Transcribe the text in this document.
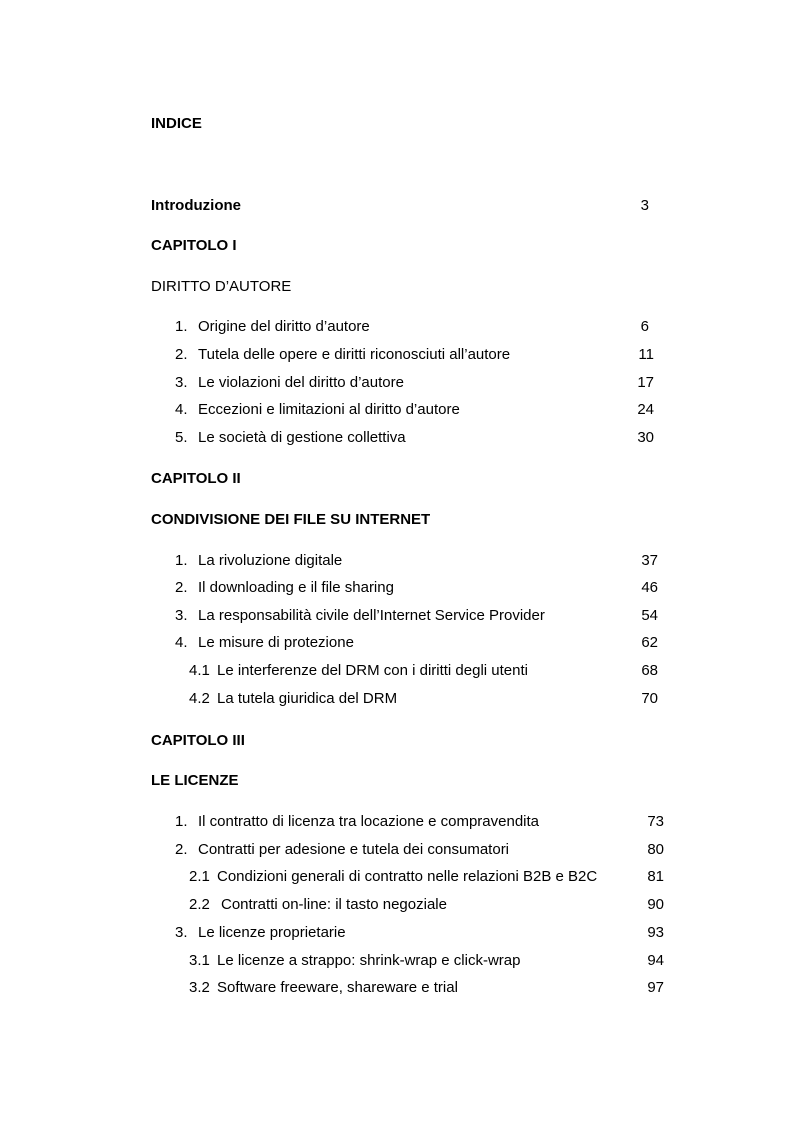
INDICE
Introduzione	3
CAPITOLO I
DIRITTO D’AUTORE
1. Origine del diritto d’autore	6
2. Tutela delle opere e diritti riconosciuti all’autore	11
3. Le violazioni del diritto d’autore	17
4. Eccezioni e limitazioni al diritto d’autore	24
5. Le società di gestione collettiva	30
CAPITOLO II
CONDIVISIONE DEI FILE SU INTERNET
1. La rivoluzione digitale	37
2. Il downloading e il file sharing	46
3. La responsabilità civile dell’Internet Service Provider	54
4. Le misure di protezione	62
4.1 Le interferenze del DRM con i diritti degli utenti	68
4.2 La tutela giuridica del DRM	70
CAPITOLO III
LE LICENZE
1. Il contratto di licenza tra locazione e compravendita	73
2. Contratti per adesione e tutela dei consumatori	80
2.1 Condizioni generali di contratto nelle relazioni B2B e B2C	81
2.2 Contratti on-line: il tasto negoziale	90
3. Le licenze proprietarie	93
3.1 Le licenze a strappo: shrink-wrap e click-wrap	94
3.2 Software freeware, shareware e trial	97
